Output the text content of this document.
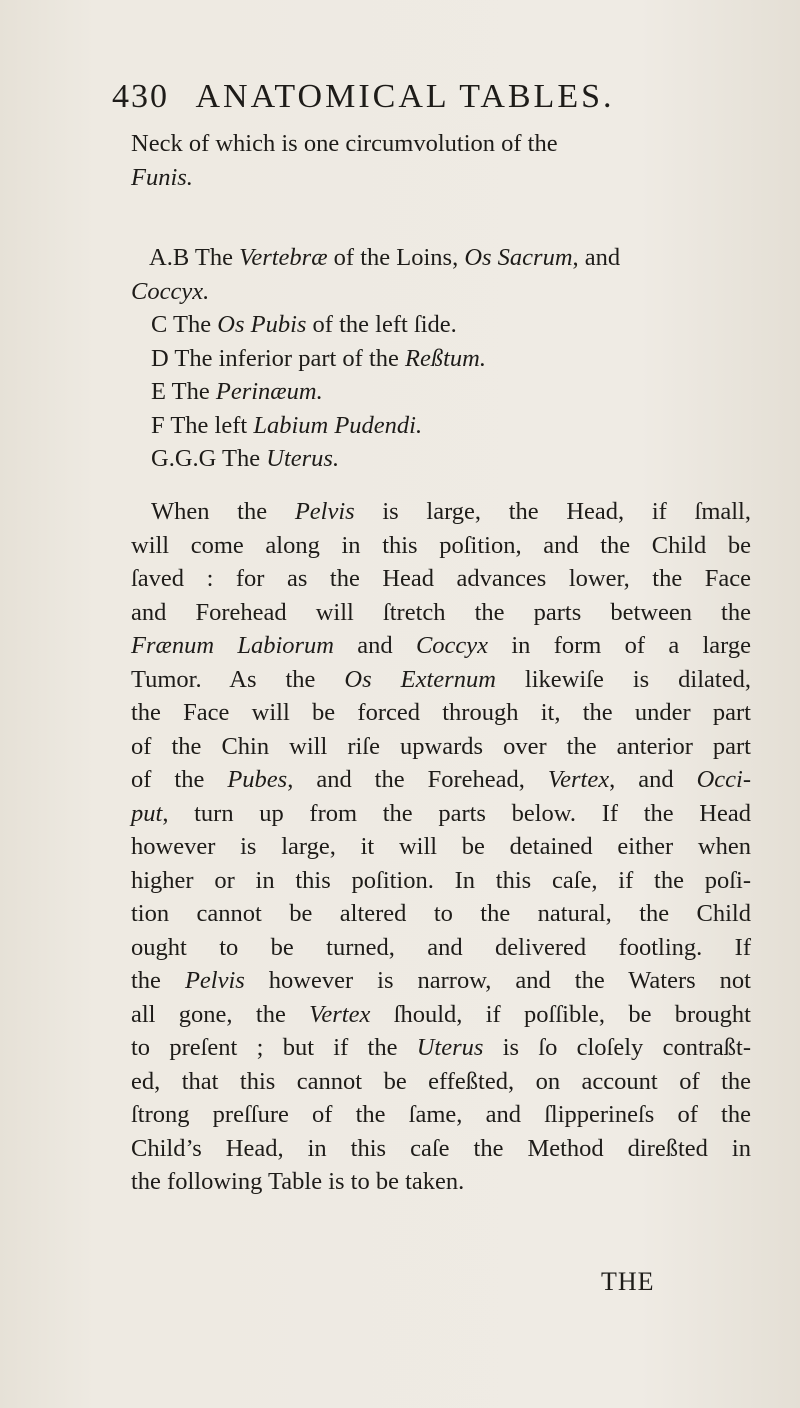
430 ANATOMICAL TABLES.
Neck of which is one circumvolution of the
Funis.
A.B The Vertebræ of the Loins, Os Sacrum, and
Coccyx.
C The Os Pubis of the left ſide.
D The inferior part of the Reßtum.
E The Perinæum.
F The left Labium Pudendi.
G.G.G The Uterus.
When the Pelvis is large, the Head, if ſmall,
will come along in this poſition, and the Child be
ſaved : for as the Head advances lower, the Face
and Forehead will ſtretch the parts between the
Frænum Labiorum and Coccyx in form of a large
Tumor. As the Os Externum likewiſe is dilated,
the Face will be forced through it, the under part
of the Chin will riſe upwards over the anterior part
of the Pubes, and the Forehead, Vertex, and Occi-
put, turn up from the parts below. If the Head
however is large, it will be detained either when
higher or in this poſition. In this caſe, if the poſi-
tion cannot be altered to the natural, the Child
ought to be turned, and delivered footling. If
the Pelvis however is narrow, and the Waters not
all gone, the Vertex ſhould, if poſſible, be brought
to preſent ; but if the Uterus is ſo cloſely contraßt-
ed, that this cannot be effeßted, on account of the
ſtrong preſſure of the ſame, and ſlipperineſs of the
Child’s Head, in this caſe the Method direßted in
the following Table is to be taken.
THE
